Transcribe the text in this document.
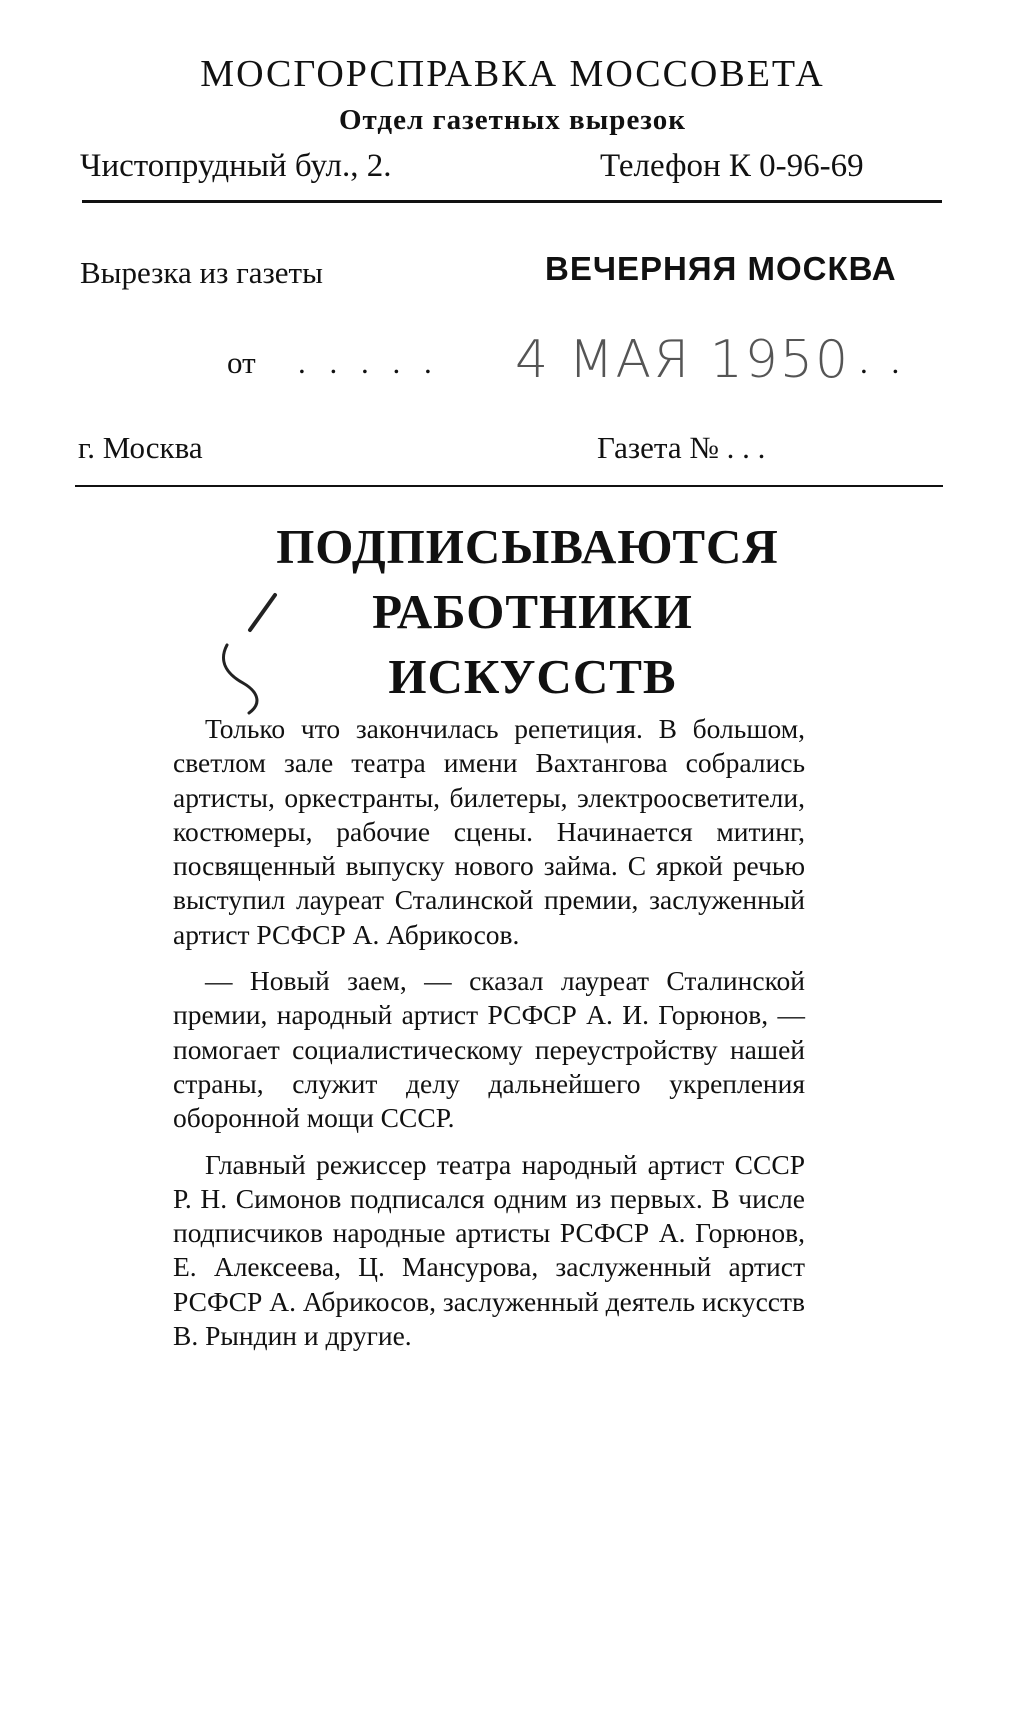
МОСГОРСПРАВКА МОССОВЕТА
Отдел газетных вырезок
Чистопрудный бул., 2.	Телефон К 0-96-69
Вырезка из газеты	ВЕЧЕРНЯЯ МОСКВА
от . . . . . 4 МАЯ 1950 . .
г. Москва	Газета № . . .
ПОДПИСЫВАЮТСЯ
РАБОТНИКИ
ИСКУССТВ

Только что закончилась репетиция. В большом, светлом зале театра имени Вахтангова собрались артисты, оркестранты, билетеры, электроосветители, костюмеры, рабочие сцены. Начинается митинг, посвященный выпуску нового займа. С яркой речью выступил лауреат Сталинской премии, заслуженный артист РСФСР А. Абрикосов.

— Новый заем, — сказал лауреат Сталинской премии, народный артист РСФСР А. И. Горюнов, — помогает социалистическому переустройству нашей страны, служит делу дальнейшего укрепления оборонной мощи СССР.

Главный режиссер театра народный артист СССР Р. Н. Симонов подписался одним из первых. В числе подписчиков народные артисты РСФСР А. Горюнов, Е. Алексеева, Ц. Мансурова, заслуженный артист РСФСР А. Абрикосов, заслуженный деятель искусств В. Рындин и другие.
